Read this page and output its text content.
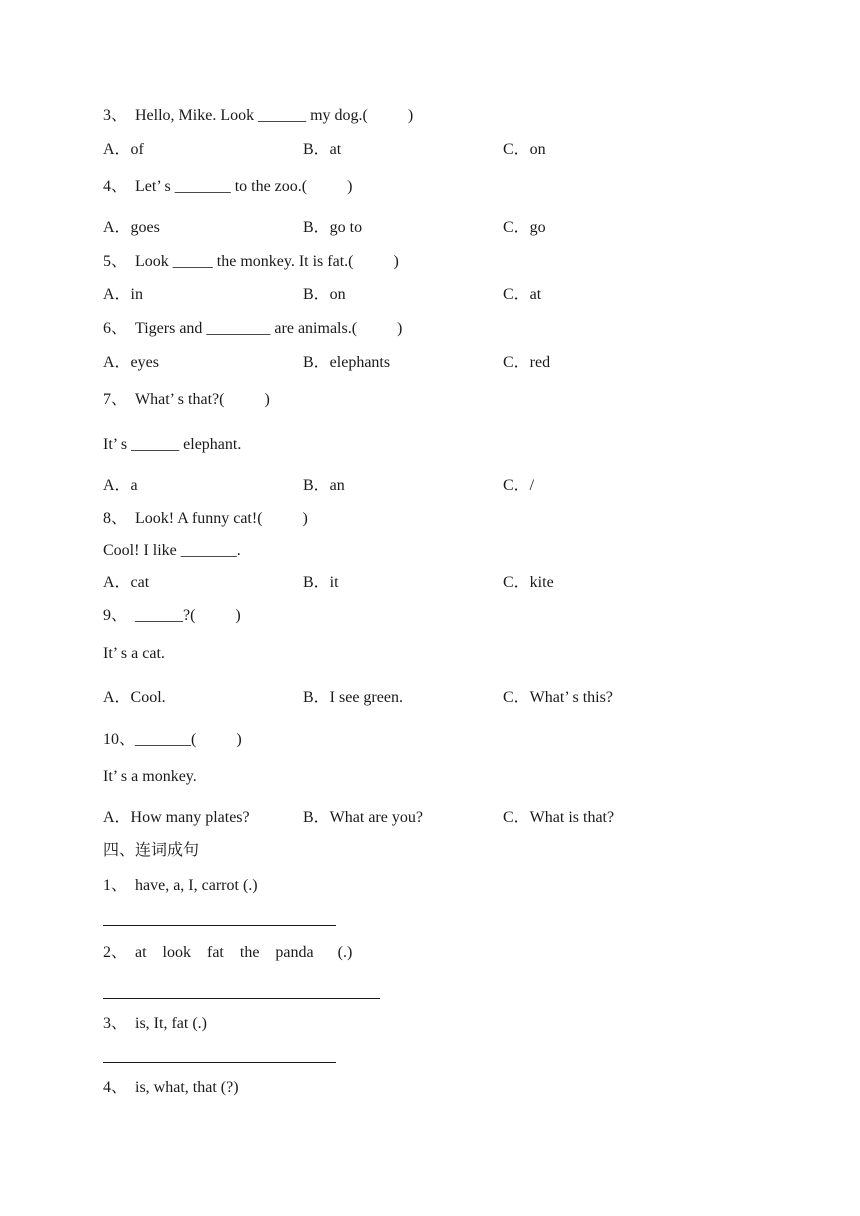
3、  Hello, Mike. Look ______ my dog.(          )
A．of	B．at	C．on
4、  Let’ s _______ to the zoo.(          )
A．goes	B．go to	C．go
5、  Look _____ the monkey. It is fat.(          )
A．in	B．on	C．at
6、  Tigers and ________ are animals.(          )
A．eyes	B．elephants	C．red
7、  What’ s that?(          )
It’ s ______ elephant.
A．a	B．an	C．/
8、  Look! A funny cat!(          )
Cool! I like _______.
A．cat	B．it	C．kite
9、  ______?(          )
It’ s a cat.
A．Cool.	B．I see green.	C．What’ s this?
10、_______(          )
It’ s a monkey.
A．How many plates?	B．What are you?	C．What is that?
四、连词成句
1、  have, a, I, carrot (.)
2、  at    look    fat    the    panda      (.)
3、  is, It, fat (.)
4、  is, what, that (?)
